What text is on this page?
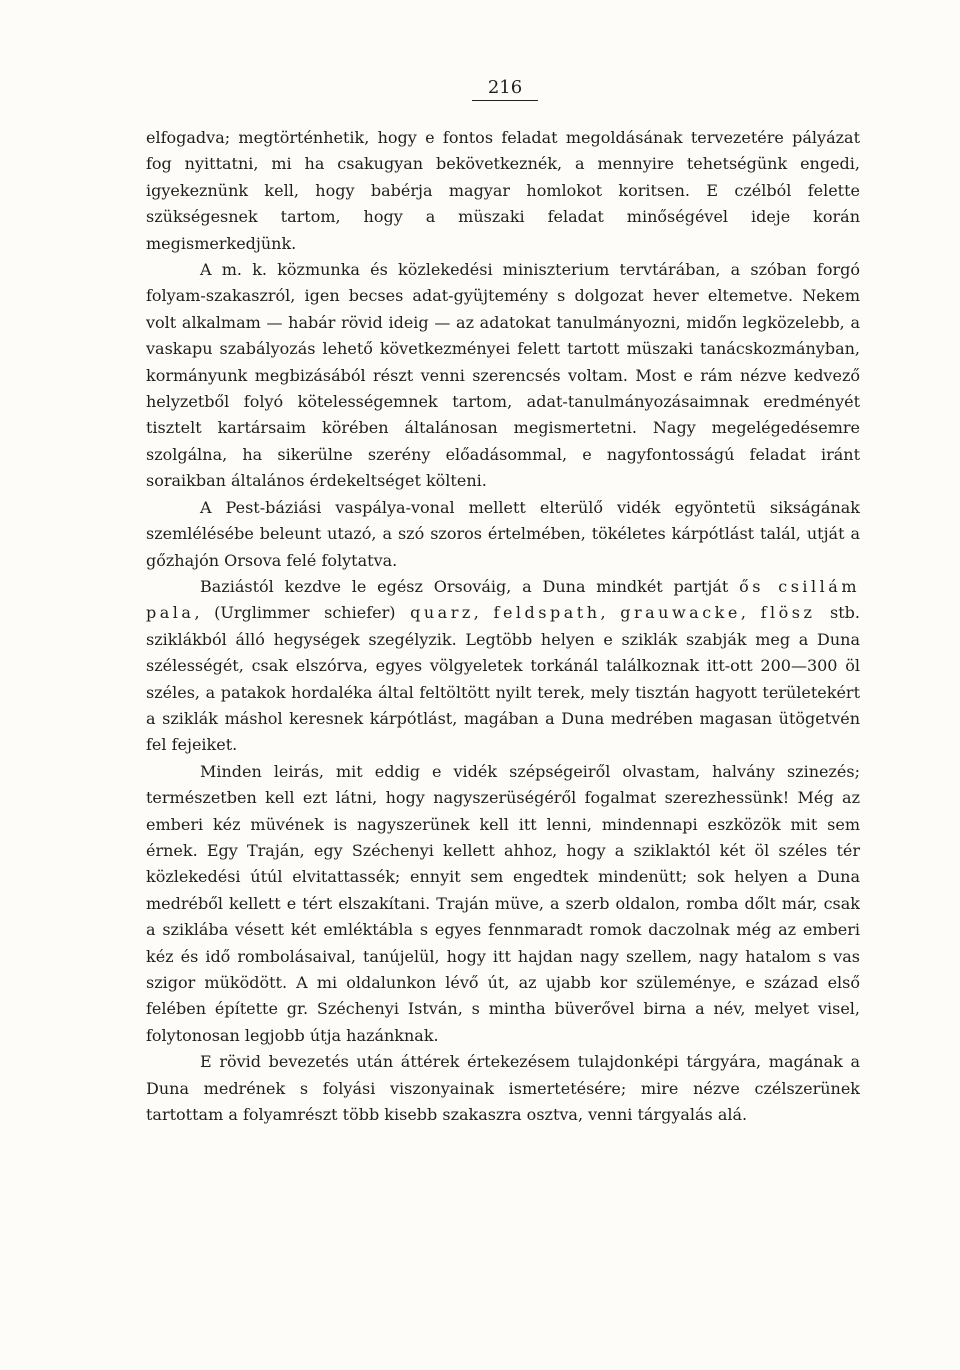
216

elfogadva; megtörténhetik, hogy e fontos feladat megoldásának tervezetére pályázat fog nyittatni, mi ha csakugyan bekövetkeznék, a mennyire tehetségünk engedi, igyekeznünk kell, hogy babérja magyar homlokot koritsen. E czélból felette szükségesnek tartom, hogy a müszaki feladat minőségével ideje korán megismerkedjünk.

A m. k. közmunka és közlekedési miniszterium tervtárában, a szóban forgó folyam-szakaszról, igen becses adat-gyüjtemény s dolgozat hever eltemetve. Nekem volt alkalmam — habár rövid ideig — az adatokat tanulmányozni, midőn legközelebb, a vaskapu szabályozás lehető következményei felett tartott müszaki tanácskozmányban, kormányunk megbizásából részt venni szerencsés voltam. Most e rám nézve kedvező helyzetből folyó kötelességemnek tartom, adat-tanulmányozásaimnak eredményét tisztelt kartársaim körében általánosan megismertetni. Nagy megelégedésemre szolgálna, ha sikerülne szerény előadásommal, e nagyfontosságú feladat iránt soraikban általános érdekeltséget költeni.

A Pest-báziási vaspálya-vonal mellett elterülő vidék egyöntetü sikságának szemlélésébe beleunt utazó, a szó szoros értelmében, tökéletes kárpótlást talál, utját a gőzhajón Orsova felé folytatva.

Baziástól kezdve le egész Orsováig, a Duna mindkét partját ős csillám pala, (Urglimmer schiefer) quarz, feldspath, grauwacke, flösz stb. sziklákból álló hegységek szegélyzik. Legtöbb helyen e sziklák szabják meg a Duna szélességét, csak elszórva, egyes völgyeletek torkánál találkoznak itt-ott 200—300 öl széles, a patakok hordaléka által feltöltött nyilt terek, mely tisztán hagyott területekért a sziklák máshol keresnek kárpótlást, magában a Duna medrében magasan ütögetvén fel fejeiket.

Minden leirás, mit eddig e vidék szépségeiről olvastam, halvány szinezés; természetben kell ezt látni, hogy nagyszerüségéről fogalmat szerezhessünk! Még az emberi kéz müvének is nagyszerünek kell itt lenni, mindennapi eszközök mit sem érnek. Egy Traján, egy Széchenyi kellett ahhoz, hogy a sziklaktól két öl széles tér közlekedési útúl elvitattassék; ennyit sem engedtek mindenütt; sok helyen a Duna medréből kellett e tért elszakítani. Traján müve, a szerb oldalon, romba dőlt már, csak a sziklába vésett két emléktábla s egyes fennmaradt romok daczolnak még az emberi kéz és idő rombolásaival, tanújelül, hogy itt hajdan nagy szellem, nagy hatalom s vas szigor müködött. A mi oldalunkon lévő út, az ujabb kor szüleménye, e század első felében építette gr. Széchenyi István, s mintha büverővel birna a név, melyet visel, folytonosan legjobb útja hazánknak.

E rövid bevezetés után áttérek értekezésem tulajdonképi tárgyára, magának a Duna medrének s folyási viszonyainak ismertetésére; mire nézve czélszerünek tartottam a folyamrészt több kisebb szakaszra osztva, venni tárgyalás alá.
